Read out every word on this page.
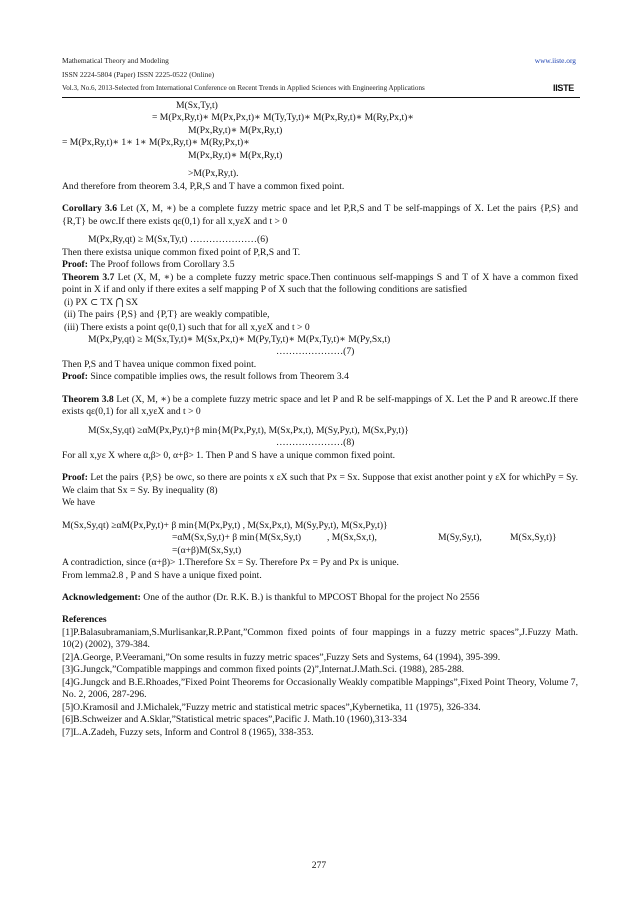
Mathematical Theory and Modeling	www.iiste.org
ISSN 2224-5804 (Paper) ISSN 2225-0522 (Online)
Vol.3, No.6, 2013-Selected from International Conference on Recent Trends in Applied Sciences with Engineering Applications	IISTE
M(Sx,Ty,t)
= M(Px,Ry,t)∗ M(Px,Px,t)∗ M(Ty,Ty,t)∗ M(Px,Ry,t)∗ M(Ry,Px,t)∗
M(Px,Ry,t)∗ M(Px,Ry,t)
= M(Px,Ry,t)∗ 1∗ 1∗ M(Px,Ry,t)∗ M(Ry,Px,t)∗
M(Px,Ry,t)∗ M(Px,Ry,t)
>M(Px,Ry,t).
And therefore from theorem 3.4, P,R,S and T have a common fixed point.
Corollary 3.6 Let (X, M, ∗) be a complete fuzzy metric space and let P,R,S and T be self-mappings of X. Let the pairs {P,S} and {R,T} be owc.If there exists qε(0,1) for all x,yεX and t > 0
M(Px,Ry,qt) ≥ M(Sx,Ty,t) …………………(6)
Then there existsa unique common fixed point of P,R,S and T.
Proof: The Proof follows from Corollary 3.5
Theorem 3.7 Let (X, M, ∗) be a complete fuzzy metric space.Then continuous self-mappings S and T of X have a common fixed point in X if and only if there exites a self mapping P of X such that the following conditions are satisfied
(i) PX ⊂ TX ⋂ SX
(ii) The pairs {P,S} and {P,T} are weakly compatible,
(iii) There exists a point qε(0,1) such that for all x,yεX and t > 0
M(Px,Py,qt) ≥ M(Sx,Ty,t)∗ M(Sx,Px,t)∗ M(Py,Ty,t)∗ M(Px,Ty,t)∗ M(Py,Sx,t)
…………………(7)
Then P,S and T havea unique common fixed point.
Proof: Since compatible implies ows, the result follows from Theorem 3.4
Theorem 3.8 Let (X, M, ∗) be a complete fuzzy metric space and let P and R be self-mappings of X. Let the P and R areowc.If there exists qε(0,1) for all x,yεX and t > 0
M(Sx,Sy,qt) ≥αM(Px,Py,t)+β min{M(Px,Py,t), M(Sx,Px,t), M(Sy,Py,t), M(Sx,Py,t)}
…………………(8)
For all x,yε X where α,β> 0, α+β> 1. Then P and S have a unique common fixed point.
Proof: Let the pairs {P,S} be owc, so there are points x εX such that Px = Sx. Suppose that exist another point y εX for whichPy = Sy. We claim that Sx = Sy. By inequality (8)
We have
M(Sx,Sy,qt) ≥αM(Px,Py,t)+ β min{M(Px,Py,t) , M(Sx,Px,t), M(Sy,Py,t), M(Sx,Py,t)}
=αM(Sx,Sy,t)+ β min{M(Sx,Sy,t)	, M(Sx,Sx,t),	M(Sy,Sy,t),	M(Sx,Sy,t)}
=(α+β)M(Sx,Sy,t)
A contradiction, since (α+β)> 1.Therefore Sx = Sy. Therefore Px = Py and Px is unique.
From lemma2.8 , P and S have a unique fixed point.
Acknowledgement: One of the author (Dr. R.K. B.) is thankful to MPCOST Bhopal for the project No 2556
References
[1]P.Balasubramaniam,S.Murlisankar,R.P.Pant,”Common fixed points of four mappings in a fuzzy metric spaces”,J.Fuzzy Math. 10(2) (2002), 379-384.
[2]A.George, P.Veeramani,”On some results in fuzzy metric spaces”,Fuzzy Sets and Systems, 64 (1994), 395-399.
[3]G.Jungck,”Compatible mappings and common fixed points (2)”,Internat.J.Math.Sci. (1988), 285-288.
[4]G.Jungck and B.E.Rhoades,”Fixed Point Theorems for Occasionally Weakly compatible Mappings”,Fixed Point Theory, Volume 7, No. 2, 2006, 287-296.
[5]O.Kramosil and J.Michalek,”Fuzzy metric and statistical metric spaces”,Kybernetika, 11 (1975), 326-334.
[6]B.Schweizer and A.Sklar,”Statistical metric spaces”,Pacific J. Math.10 (1960),313-334
[7]L.A.Zadeh, Fuzzy sets, Inform and Control 8 (1965), 338-353.
277
